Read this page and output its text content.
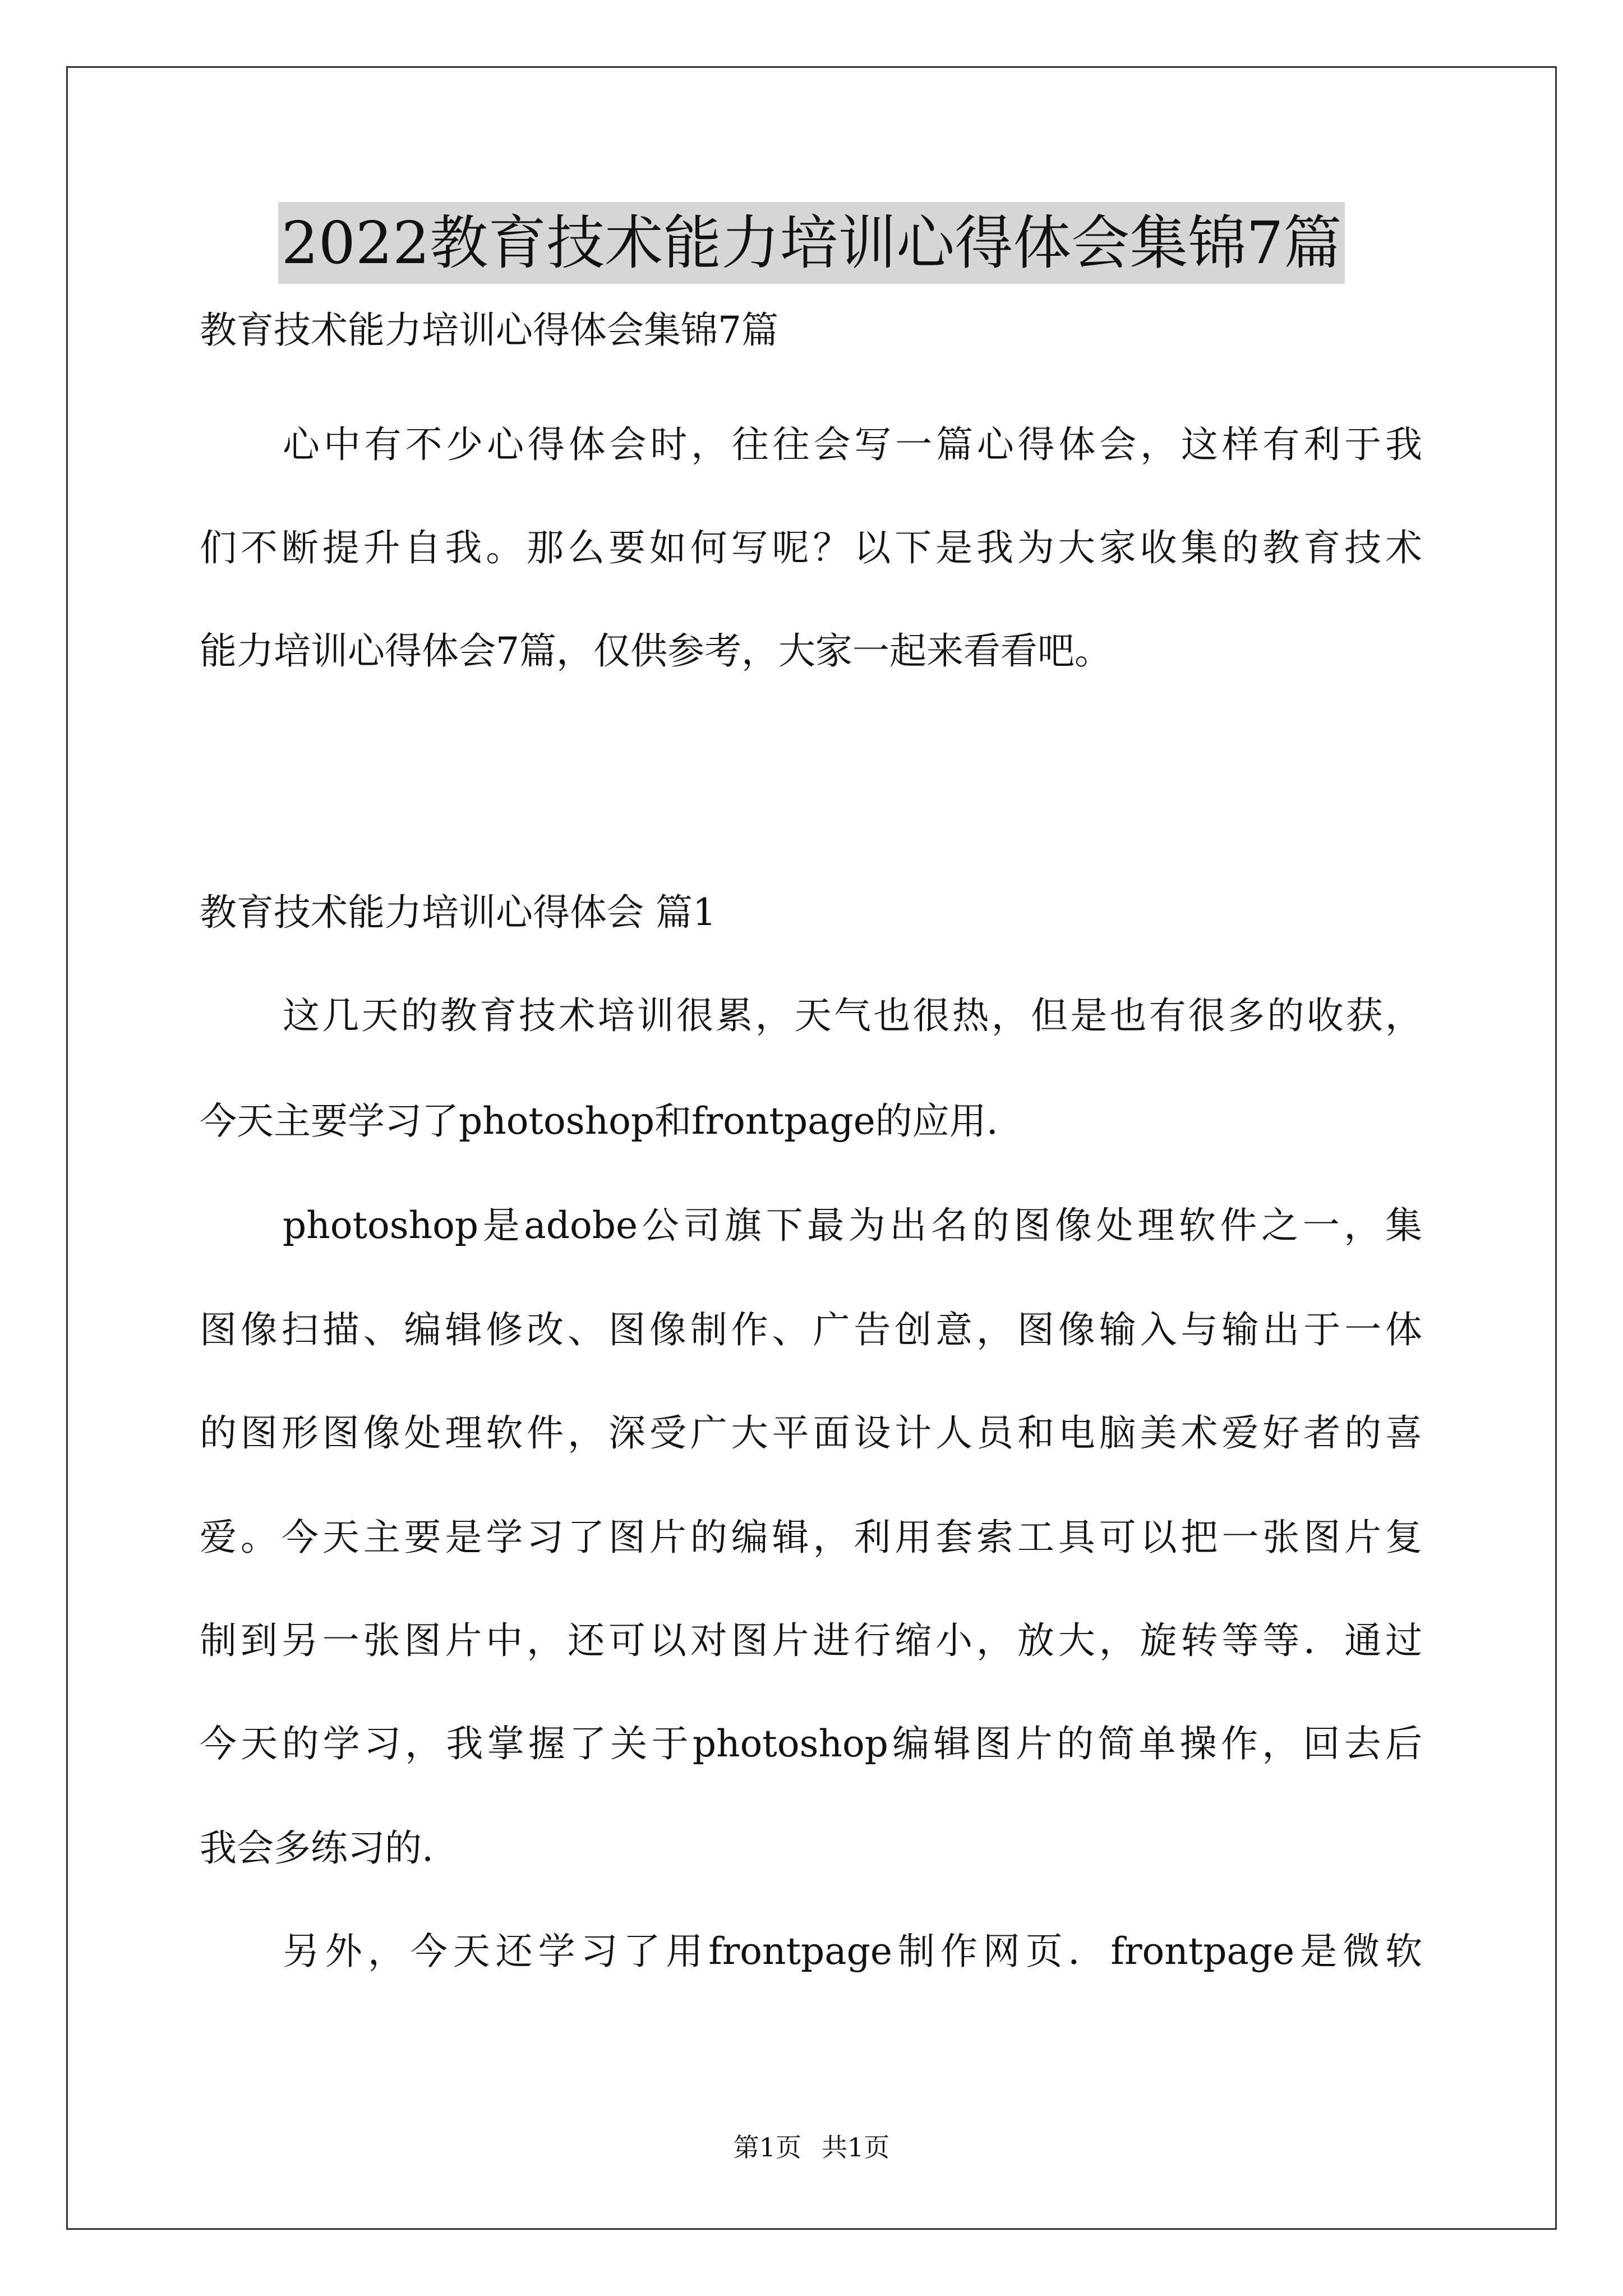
2022教育技术能力培训心得体会集锦7篇
教育技术能力培训心得体会集锦7篇
心中有不少心得体会时，往往会写一篇心得体会，这样有利于我
们不断提升自我。那么要如何写呢？以下是我为大家收集的教育技术
能力培训心得体会7篇，仅供参考，大家一起来看看吧。
教育技术能力培训心得体会 篇1
这几天的教育技术培训很累，天气也很热，但是也有很多的收获，
今天主要学习了photoshop和frontpage的应用.
photoshop是adobe公司旗下最为出名的图像处理软件之一，集
图像扫描、编辑修改、图像制作、广告创意，图像输入与输出于一体
的图形图像处理软件，深受广大平面设计人员和电脑美术爱好者的喜
爱。今天主要是学习了图片的编辑，利用套索工具可以把一张图片复
制到另一张图片中，还可以对图片进行缩小，放大，旋转等等．通过
今天的学习，我掌握了关于photoshop编辑图片的简单操作，回去后
我会多练习的.
另外，今天还学习了用frontpage制作网页．frontpage是微软
第1页 共1页
